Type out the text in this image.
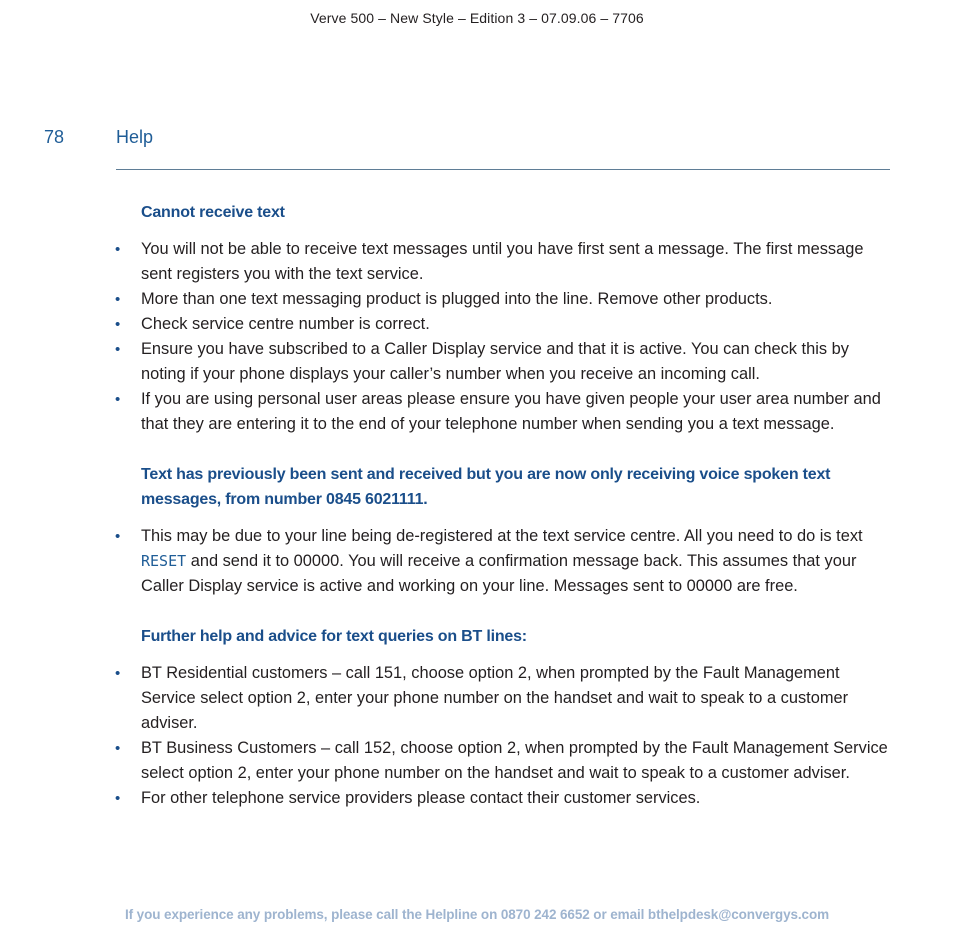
Verve 500 – New Style – Edition 3 – 07.09.06 – 7706
78	Help
Cannot receive text
• You will not be able to receive text messages until you have first sent a message. The first message sent registers you with the text service.
• More than one text messaging product is plugged into the line. Remove other products.
• Check service centre number is correct.
• Ensure you have subscribed to a Caller Display service and that it is active. You can check this by noting if your phone displays your caller’s number when you receive an incoming call.
• If you are using personal user areas please ensure you have given people your user area number and that they are entering it to the end of your telephone number when sending you a text message.
Text has previously been sent and received but you are now only receiving voice spoken text messages, from number 0845 6021111.
• This may be due to your line being de-registered at the text service centre. All you need to do is text RESET and send it to 00000. You will receive a confirmation message back. This assumes that your Caller Display service is active and working on your line. Messages sent to 00000 are free.
Further help and advice for text queries on BT lines:
• BT Residential customers – call 151, choose option 2, when prompted by the Fault Management Service select option 2, enter your phone number on the handset and wait to speak to a customer adviser.
• BT Business Customers – call 152, choose option 2, when prompted by the Fault Management Service select option 2, enter your phone number on the handset and wait to speak to a customer adviser.
• For other telephone service providers please contact their customer services.
If you experience any problems, please call the Helpline on 0870 242 6652 or email bthelpdesk@convergys.com
